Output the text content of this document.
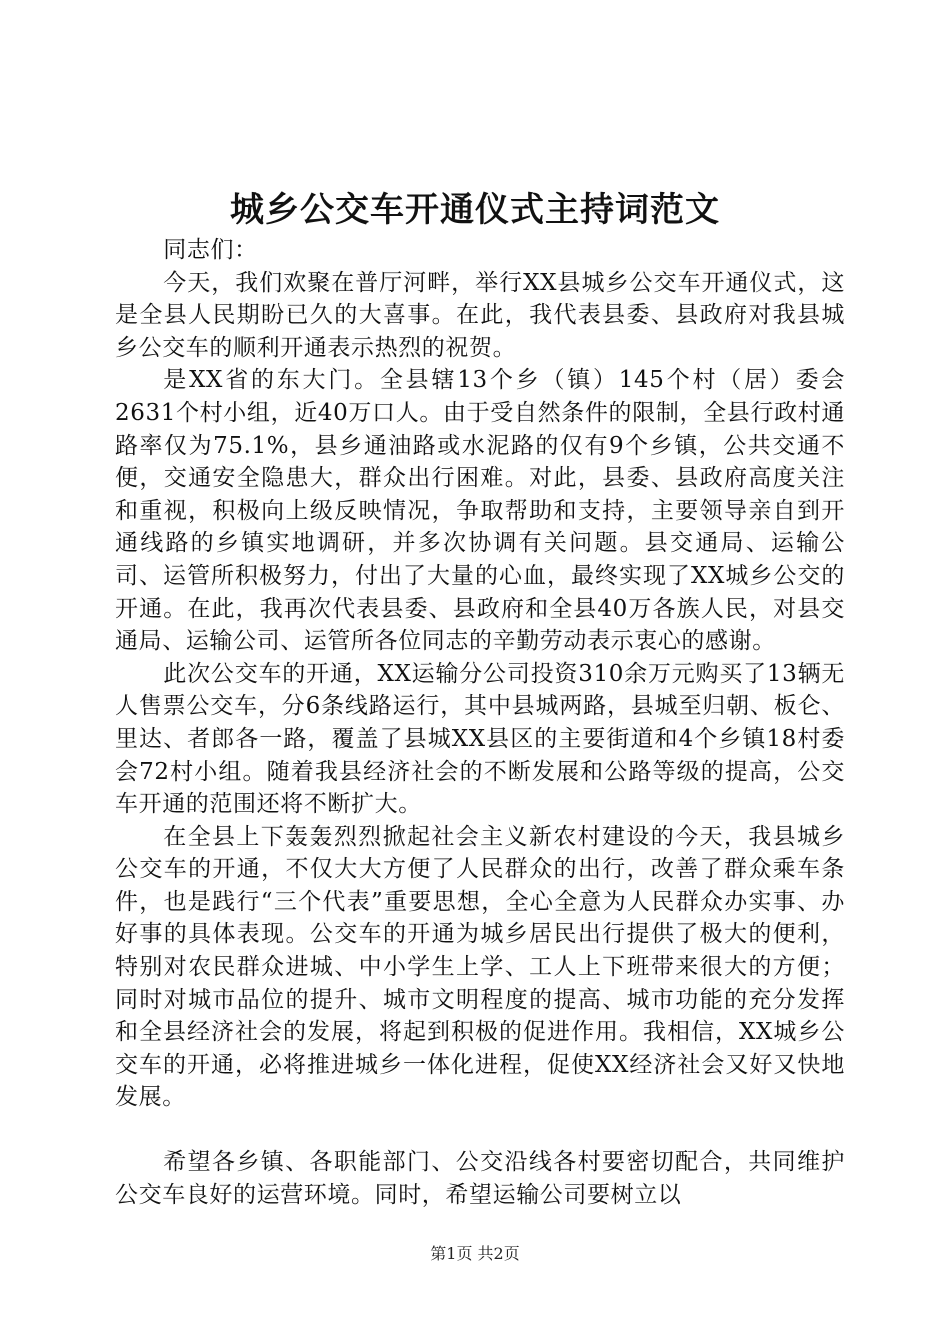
城乡公交车开通仪式主持词范文

同志们：

今天，我们欢聚在普厅河畔，举行XX县城乡公交车开通仪式，这是全县人民期盼已久的大喜事。在此，我代表县委、县政府对我县城乡公交车的顺利开通表示热烈的祝贺。

是XX省的东大门。全县辖13个乡（镇）145个村（居）委会2631个村小组，近40万口人。由于受自然条件的限制，全县行政村通路率仅为75.1%，县乡通油路或水泥路的仅有9个乡镇，公共交通不便，交通安全隐患大，群众出行困难。对此，县委、县政府高度关注和重视，积极向上级反映情况，争取帮助和支持，主要领导亲自到开通线路的乡镇实地调研，并多次协调有关问题。县交通局、运输公司、运管所积极努力，付出了大量的心血，最终实现了XX城乡公交的开通。在此，我再次代表县委、县政府和全县40万各族人民，对县交通局、运输公司、运管所各位同志的辛勤劳动表示衷心的感谢。

此次公交车的开通，XX运输分公司投资310余万元购买了13辆无人售票公交车，分6条线路运行，其中县城两路，县城至归朝、板仑、里达、者郎各一路，覆盖了县城XX县区的主要街道和4个乡镇18村委会72村小组。随着我县经济社会的不断发展和公路等级的提高，公交车开通的范围还将不断扩大。

在全县上下轰轰烈烈掀起社会主义新农村建设的今天，我县城乡公交车的开通，不仅大大方便了人民群众的出行，改善了群众乘车条件，也是践行“三个代表”重要思想，全心全意为人民群众办实事、办好事的具体表现。公交车的开通为城乡居民出行提供了极大的便利，特别对农民群众进城、中小学生上学、工人上下班带来很大的方便；同时对城市品位的提升、城市文明程度的提高、城市功能的充分发挥和全县经济社会的发展，将起到积极的促进作用。我相信，XX城乡公交车的开通，必将推进城乡一体化进程，促使XX经济社会又好又快地发展。

希望各乡镇、各职能部门、公交沿线各村要密切配合，共同维护公交车良好的运营环境。同时，希望运输公司要树立以

第1页 共2页
